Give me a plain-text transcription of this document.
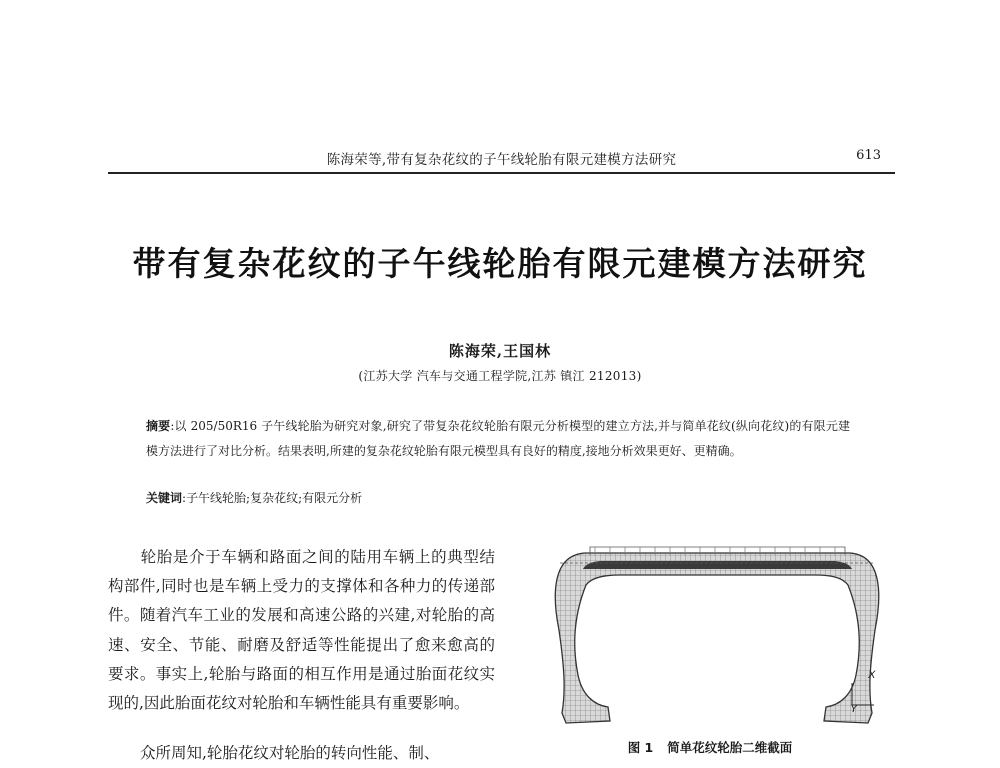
陈海荣等,带有复杂花纹的子午线轮胎有限元建模方法研究	613
带有复杂花纹的子午线轮胎有限元建模方法研究
陈海荣,王国林
(江苏大学 汽车与交通工程学院,江苏 镇江 212013)

摘要:以 205/50R16 子午线轮胎为研究对象,研究了带复杂花纹轮胎有限元分析模型的建立方法,并与简单花纹(纵向花纹)的有限元建模方法进行了对比分析。结果表明,所建的复杂花纹轮胎有限元模型具有良好的精度,接地分析效果更好、更精确。

关键词:子午线轮胎;复杂花纹;有限元分析

轮胎是介于车辆和路面之间的陆用车辆上的典型结构部件,同时也是车辆上受力的支撑体和各种力的传递部件。随着汽车工业的发展和高速公路的兴建,对轮胎的高速、安全、节能、耐磨及舒适等性能提出了愈来愈高的要求。事实上,轮胎与路面的相互作用是通过胎面花纹实现的,因此胎面花纹对轮胎和车辆性能具有重要影响。

众所周知,轮胎花纹对轮胎的转向性能、制、

X
Y
图 1 简单花纹轮胎二维截面
